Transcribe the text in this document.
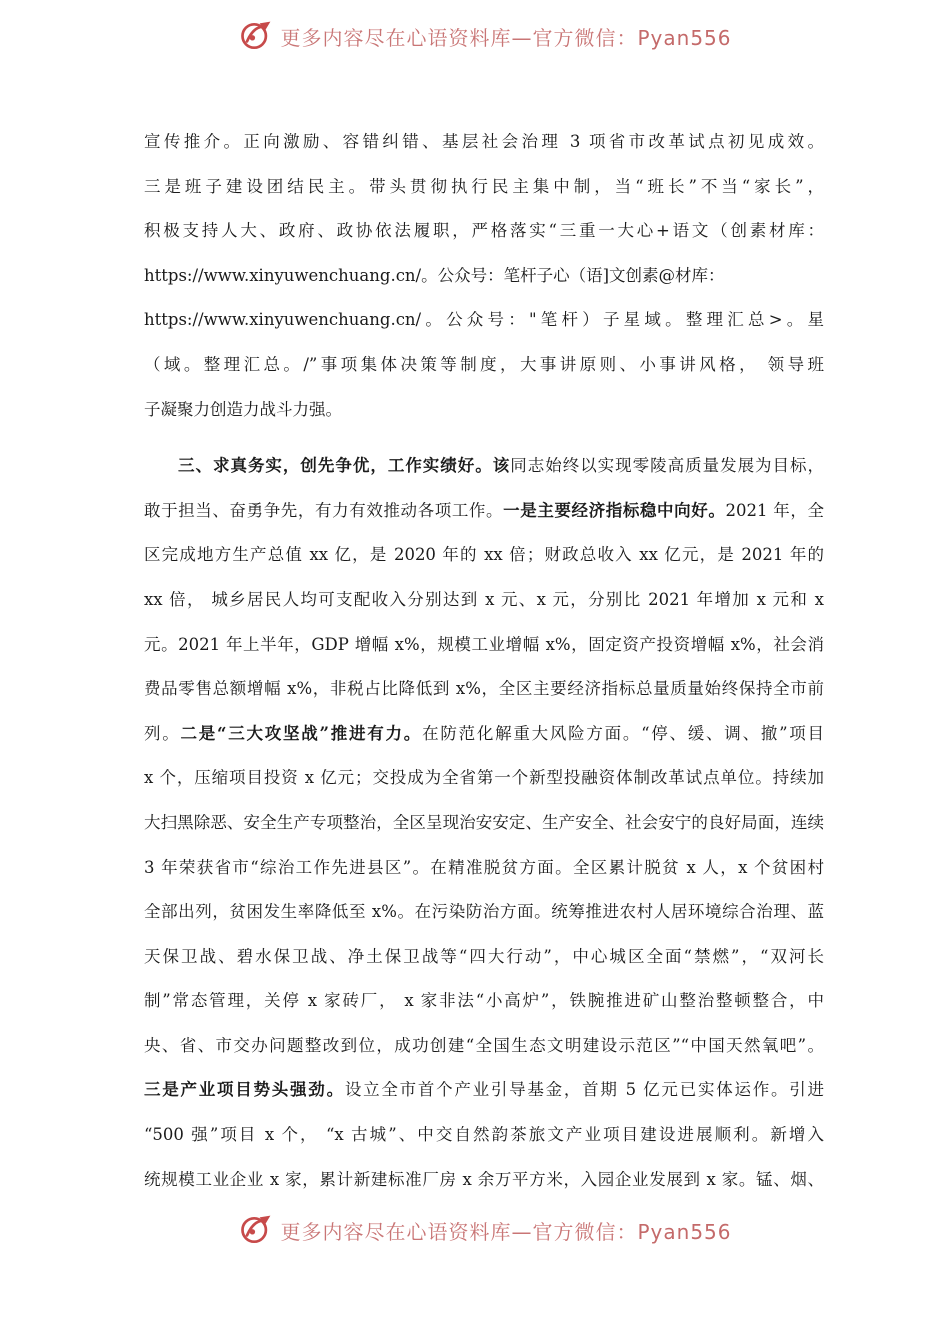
更多内容尽在心语资料库—官方微信：Pyan556
宣传推介。正向激励、容错纠错、基层社会治理 3 项省市改革试点初见成效。
三是班子建设团结民主。带头贯彻执行民主集中制，当“班长”不当“家长”，
积极支持人大、政府、政协依法履职，严格落实“三重一大心+语文（创素材库：
https://www.xinyuwenchuang.cn/。公众号：笔杆子心（语]文创素@材库：
https://www.xinyuwenchuang.cn/。公众号："笔杆）子星域。整理汇总>。星
（域。整理汇总。/”事项集体决策等制度，大事讲原则、小事讲风格， 领导班
子凝聚力创造力战斗力强。
三、求真务实，创先争优，工作实绩好。该同志始终以实现零陵高质量发展为目标，
敢于担当、奋勇争先，有力有效推动各项工作。一是主要经济指标稳中向好。2021 年，全
区完成地方生产总值 xx 亿，是 2020 年的 xx 倍；财政总收入 xx 亿元，是 2021 年的
xx 倍， 城乡居民人均可支配收入分别达到 x 元、x 元，分别比 2021 年增加 x 元和 x
元。2021 年上半年，GDP 增幅 x%，规模工业增幅 x%，固定资产投资增幅 x%，社会消
费品零售总额增幅 x%，非税占比降低到 x%，全区主要经济指标总量质量始终保持全市前
列。二是“三大攻坚战”推进有力。在防范化解重大风险方面。“停、缓、调、撤”项目
x 个，压缩项目投资 x 亿元；交投成为全省第一个新型投融资体制改革试点单位。持续加
大扫黑除恶、安全生产专项整治，全区呈现治安安定、生产安全、社会安宁的良好局面，连续
3 年荣获省市“综治工作先进县区”。在精准脱贫方面。全区累计脱贫 x 人，x 个贫困村
全部出列，贫困发生率降低至 x%。在污染防治方面。统筹推进农村人居环境综合治理、蓝
天保卫战、碧水保卫战、净土保卫战等“四大行动”，中心城区全面“禁燃”，“双河长
制”常态管理，关停 x 家砖厂， x 家非法“小高炉”，铁腕推进矿山整治整顿整合，中
央、省、市交办问题整改到位，成功创建“全国生态文明建设示范区”“中国天然氧吧”。
三是产业项目势头强劲。设立全市首个产业引导基金，首期 5 亿元已实体运作。引进
“500 强”项目 x 个， “x 古城”、中交自然韵茶旅文产业项目建设进展顺利。新增入
统规模工业企业 x 家，累计新建标准厂房 x 余万平方米，入园企业发展到 x 家。锰、烟、
更多内容尽在心语资料库—官方微信：Pyan556
